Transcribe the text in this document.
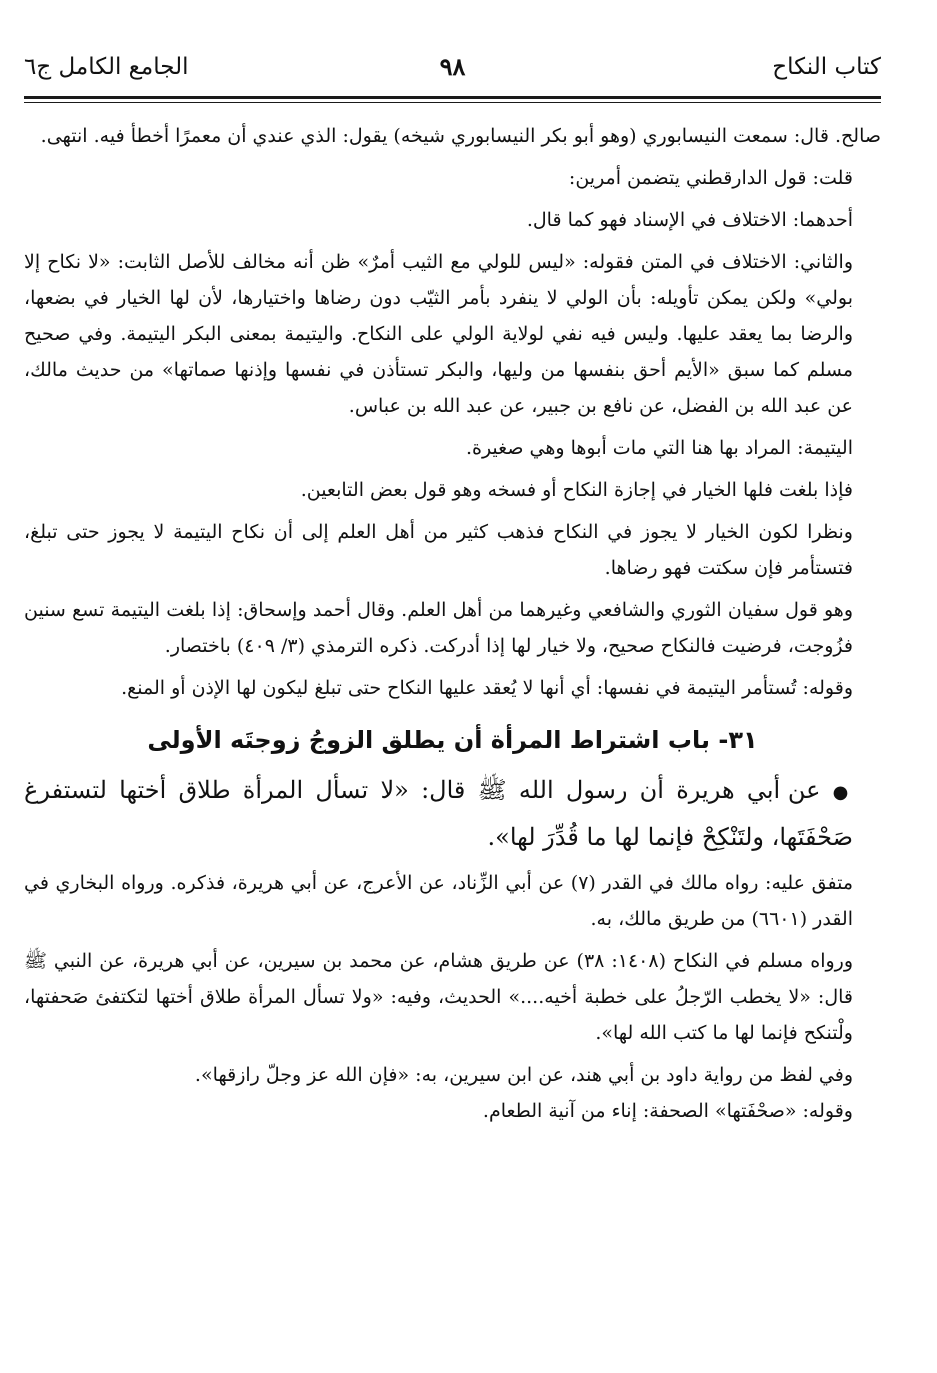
كتاب النكاح
٩٨
الجامع الكامل ج٦

صالح. قال: سمعت النيسابوري (وهو أبو بكر النيسابوري شيخه) يقول: الذي عندي أن معمرًا أخطأ فيه. انتهى.

قلت: قول الدارقطني يتضمن أمرين:

أحدهما: الاختلاف في الإسناد فهو كما قال.

والثاني: الاختلاف في المتن فقوله: «ليس للولي مع الثيب أمرٌ» ظن أنه مخالف للأصل الثابت: «لا نكاح إلا بولي» ولكن يمكن تأويله: بأن الولي لا ينفرد بأمر الثيّب دون رضاها واختيارها، لأن لها الخيار في بضعها، والرضا بما يعقد عليها. وليس فيه نفي لولاية الولي على النكاح. واليتيمة بمعنى البكر اليتيمة. وفي صحيح مسلم كما سبق «الأيم أحق بنفسها من وليها، والبكر تستأذن في نفسها وإذنها صماتها» من حديث مالك، عن عبد الله بن الفضل، عن نافع بن جبير، عن عبد الله بن عباس.

اليتيمة: المراد بها هنا التي مات أبوها وهي صغيرة.

فإذا بلغت فلها الخيار في إجازة النكاح أو فسخه وهو قول بعض التابعين.

ونظرا لكون الخيار لا يجوز في النكاح فذهب كثير من أهل العلم إلى أن نكاح اليتيمة لا يجوز حتى تبلغ، فتستأمر فإن سكتت فهو رضاها.

وهو قول سفيان الثوري والشافعي وغيرهما من أهل العلم. وقال أحمد وإسحاق: إذا بلغت اليتيمة تسع سنين فزُوجت، فرضيت فالنكاح صحيح، ولا خيار لها إذا أدركت. ذكره الترمذي (٣/ ٤٠٩) باختصار.

وقوله: تُستأمر اليتيمة في نفسها: أي أنها لا يُعقد عليها النكاح حتى تبلغ ليكون لها الإذن أو المنع.

٣١- باب اشتراط المرأة أن يطلق الزوجُ زوجتَه الأولى

● عن أبي هريرة أن رسول الله ﷺ قال: «لا تسأل المرأة طلاق أختها لتستفرغ صَحْفَتَها، ولتَنْكِحْ فإنما لها ما قُدِّرَ لها».

متفق عليه: رواه مالك في القدر (٧) عن أبي الزِّناد، عن الأعرج، عن أبي هريرة، فذكره. ورواه البخاري في القدر (٦٦٠١) من طريق مالك، به.

ورواه مسلم في النكاح (١٤٠٨: ٣٨) عن طريق هشام، عن محمد بن سيرين، عن أبي هريرة، عن النبي ﷺ قال: «لا يخطب الرّجلُ على خطبة أخيه....» الحديث، وفيه: «ولا تسأل المرأة طلاق أختها لتكتفئ صَحفتها، ولْتنكح فإنما لها ما كتب الله لها».

وفي لفظ من رواية داود بن أبي هند، عن ابن سيرين، به: «فإن الله عز وجلّ رازقها».

وقوله: «صحْفَتها» الصحفة: إناء من آنية الطعام.
